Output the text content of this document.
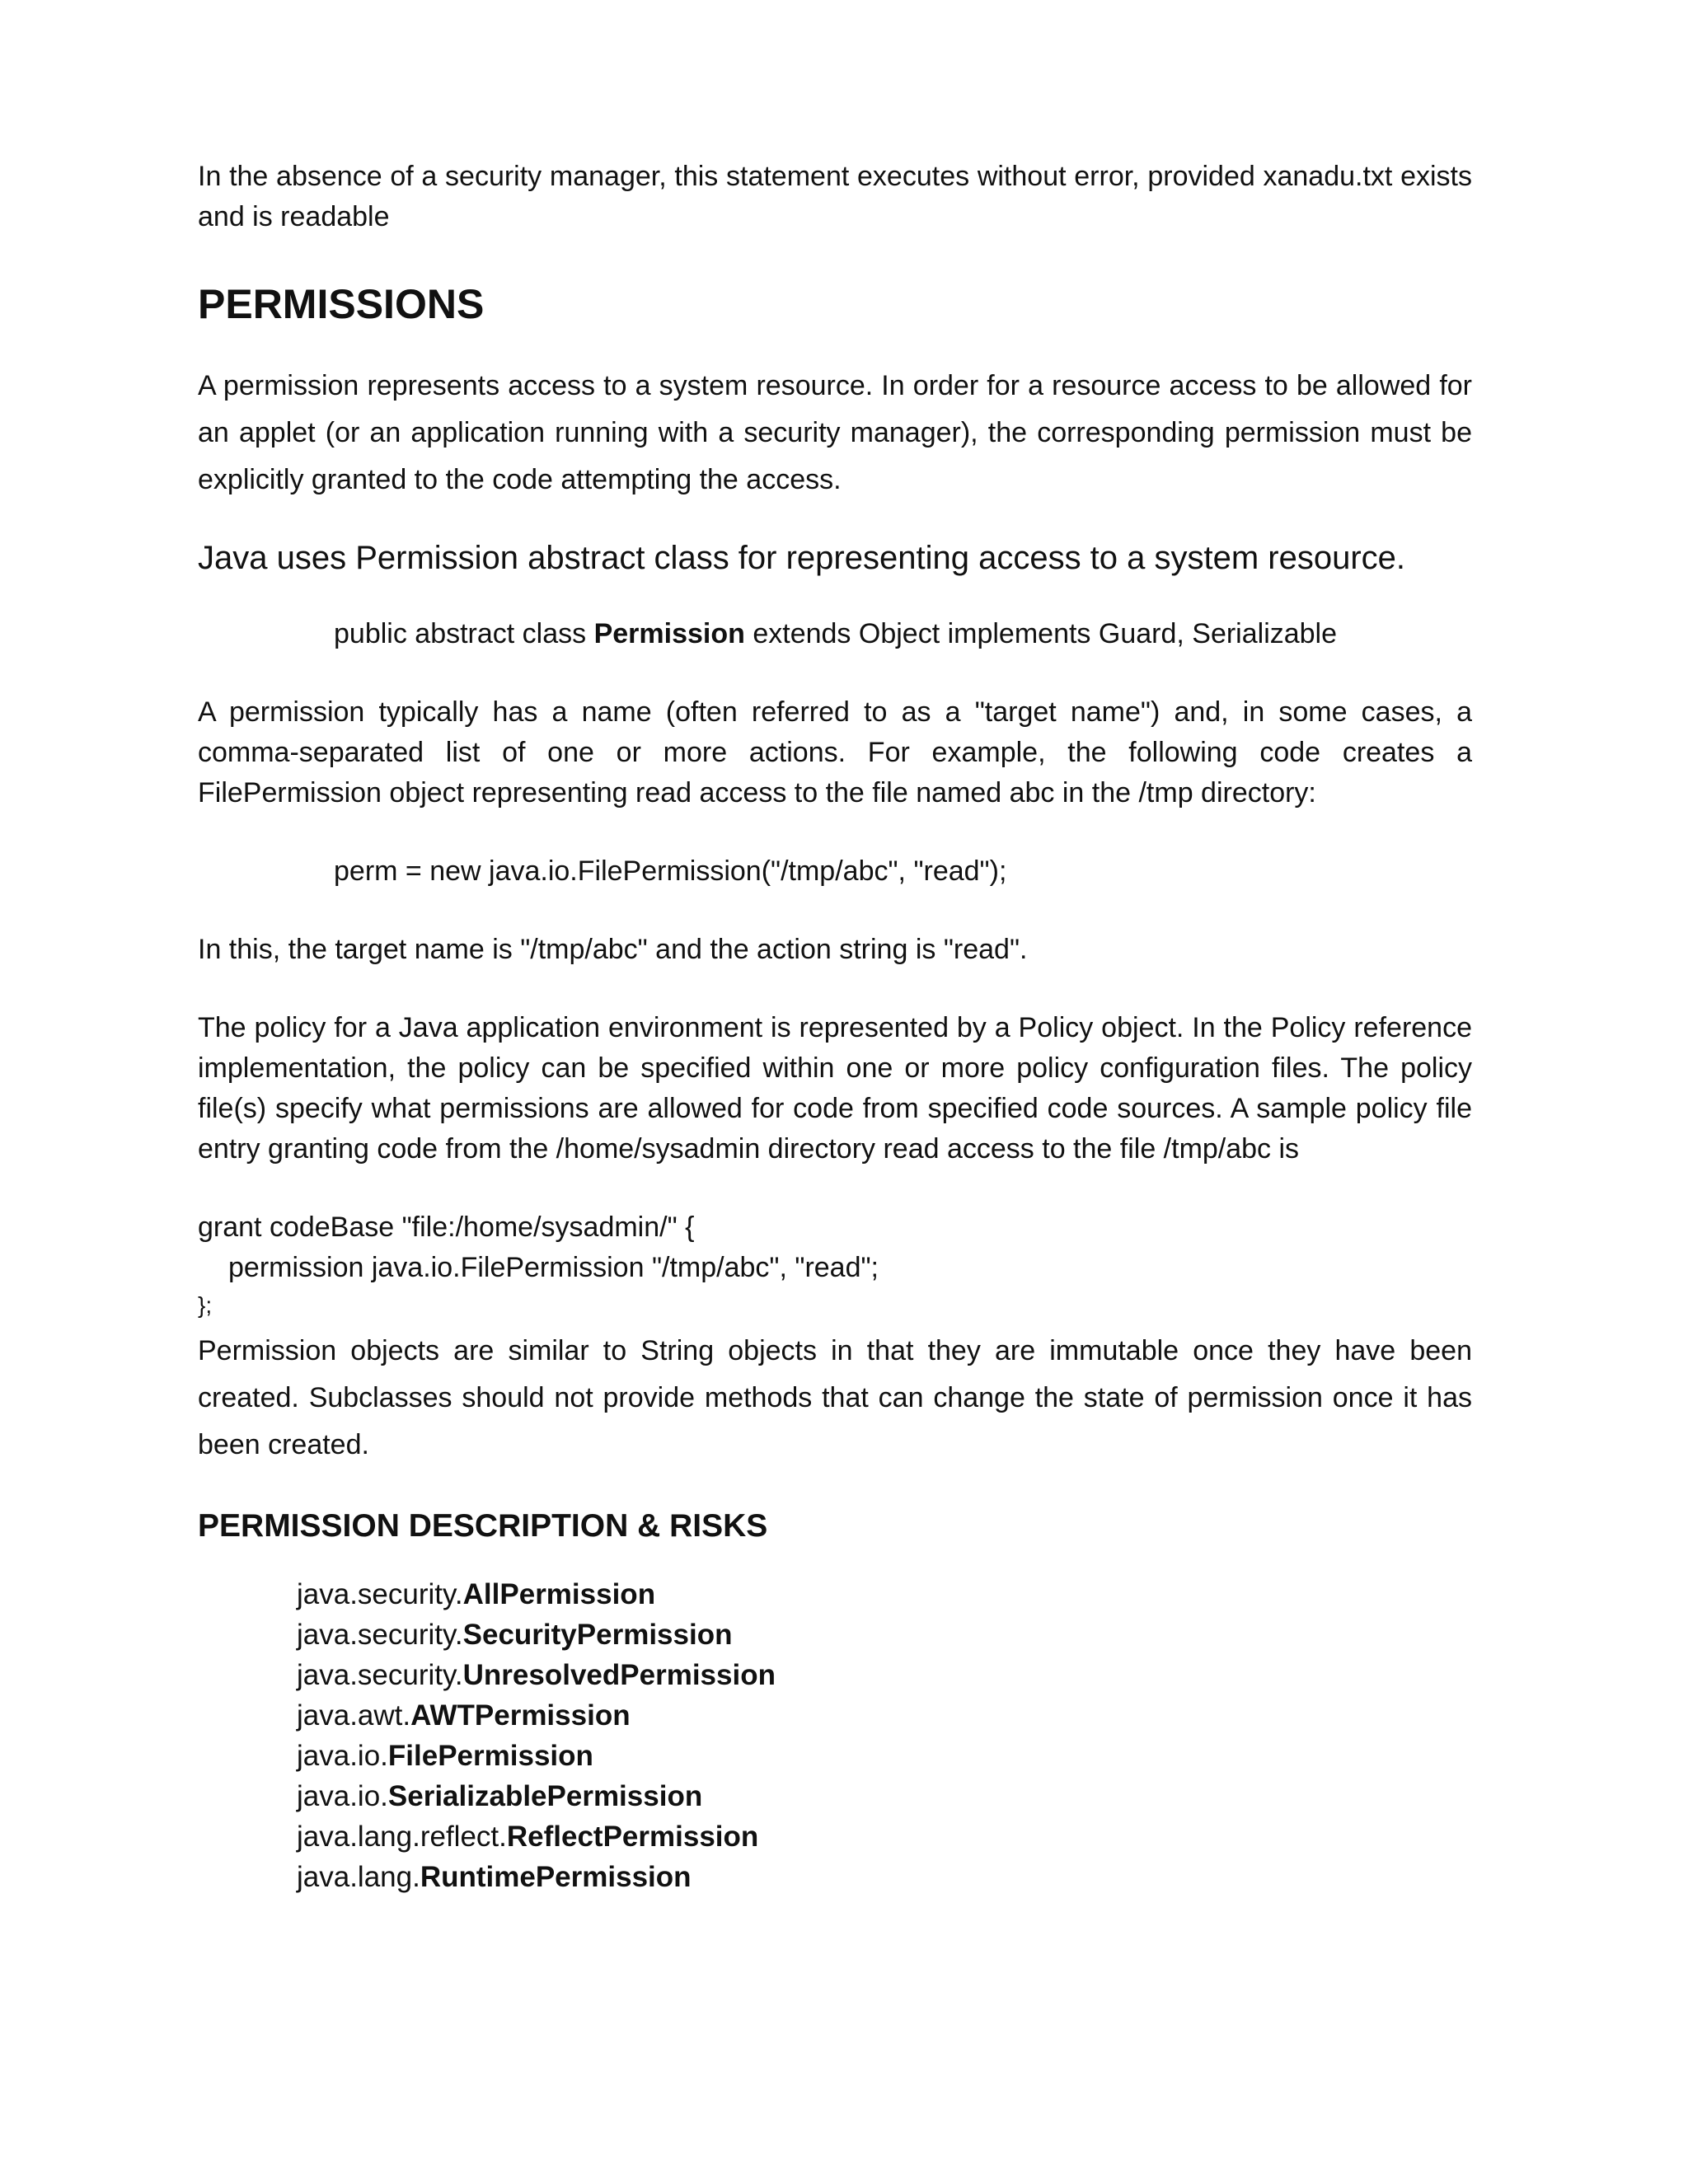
In the absence of a security manager, this statement executes without error, provided xanadu.txt exists and is readable

PERMISSIONS

A permission represents access to a system resource. In order for a resource access to be allowed for an applet (or an application running with a security manager), the corresponding permission must be explicitly granted to the code attempting the access.

Java uses Permission abstract class for representing access to a system resource.

public abstract class Permission extends Object implements Guard, Serializable

A permission typically has a name (often referred to as a "target name") and, in some cases, a comma-separated list of one or more actions. For example, the following code creates a FilePermission object representing read access to the file named abc in the /tmp directory:

perm = new java.io.FilePermission("/tmp/abc", "read");

In this, the target name is "/tmp/abc" and the action string is "read".

The policy for a Java application environment is represented by a Policy object. In the Policy reference implementation, the policy can be specified within one or more policy configuration files. The policy file(s) specify what permissions are allowed for code from specified code sources. A sample policy file entry granting code from the /home/sysadmin directory read access to the file /tmp/abc is

grant codeBase "file:/home/sysadmin/" {
permission java.io.FilePermission "/tmp/abc", "read";
};

Permission objects are similar to String objects in that they are immutable once they have been created. Subclasses should not provide methods that can change the state of permission once it has been created.

PERMISSION DESCRIPTION & RISKS
java.security.AllPermission
java.security.SecurityPermission
java.security.UnresolvedPermission
java.awt.AWTPermission
java.io.FilePermission
java.io.SerializablePermission
java.lang.reflect.ReflectPermission
java.lang.RuntimePermission
